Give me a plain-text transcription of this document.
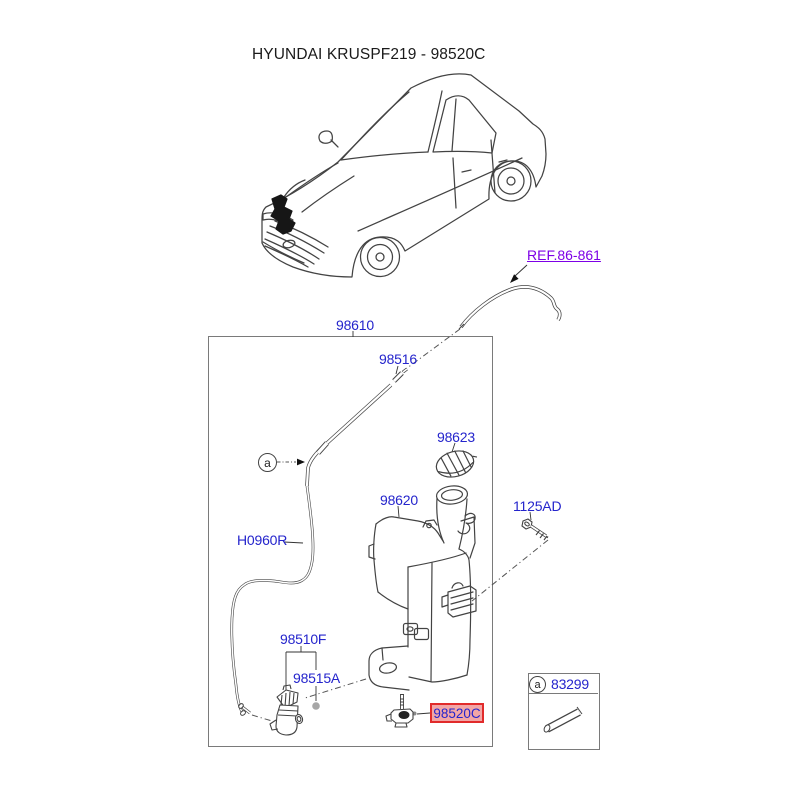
HYUNDAI KRUSPF219 - 98520C
REF.86-861
98610
98516
98623
98620	1125AD
H0960R
98510F
98515A	83299
98520C
a
a
